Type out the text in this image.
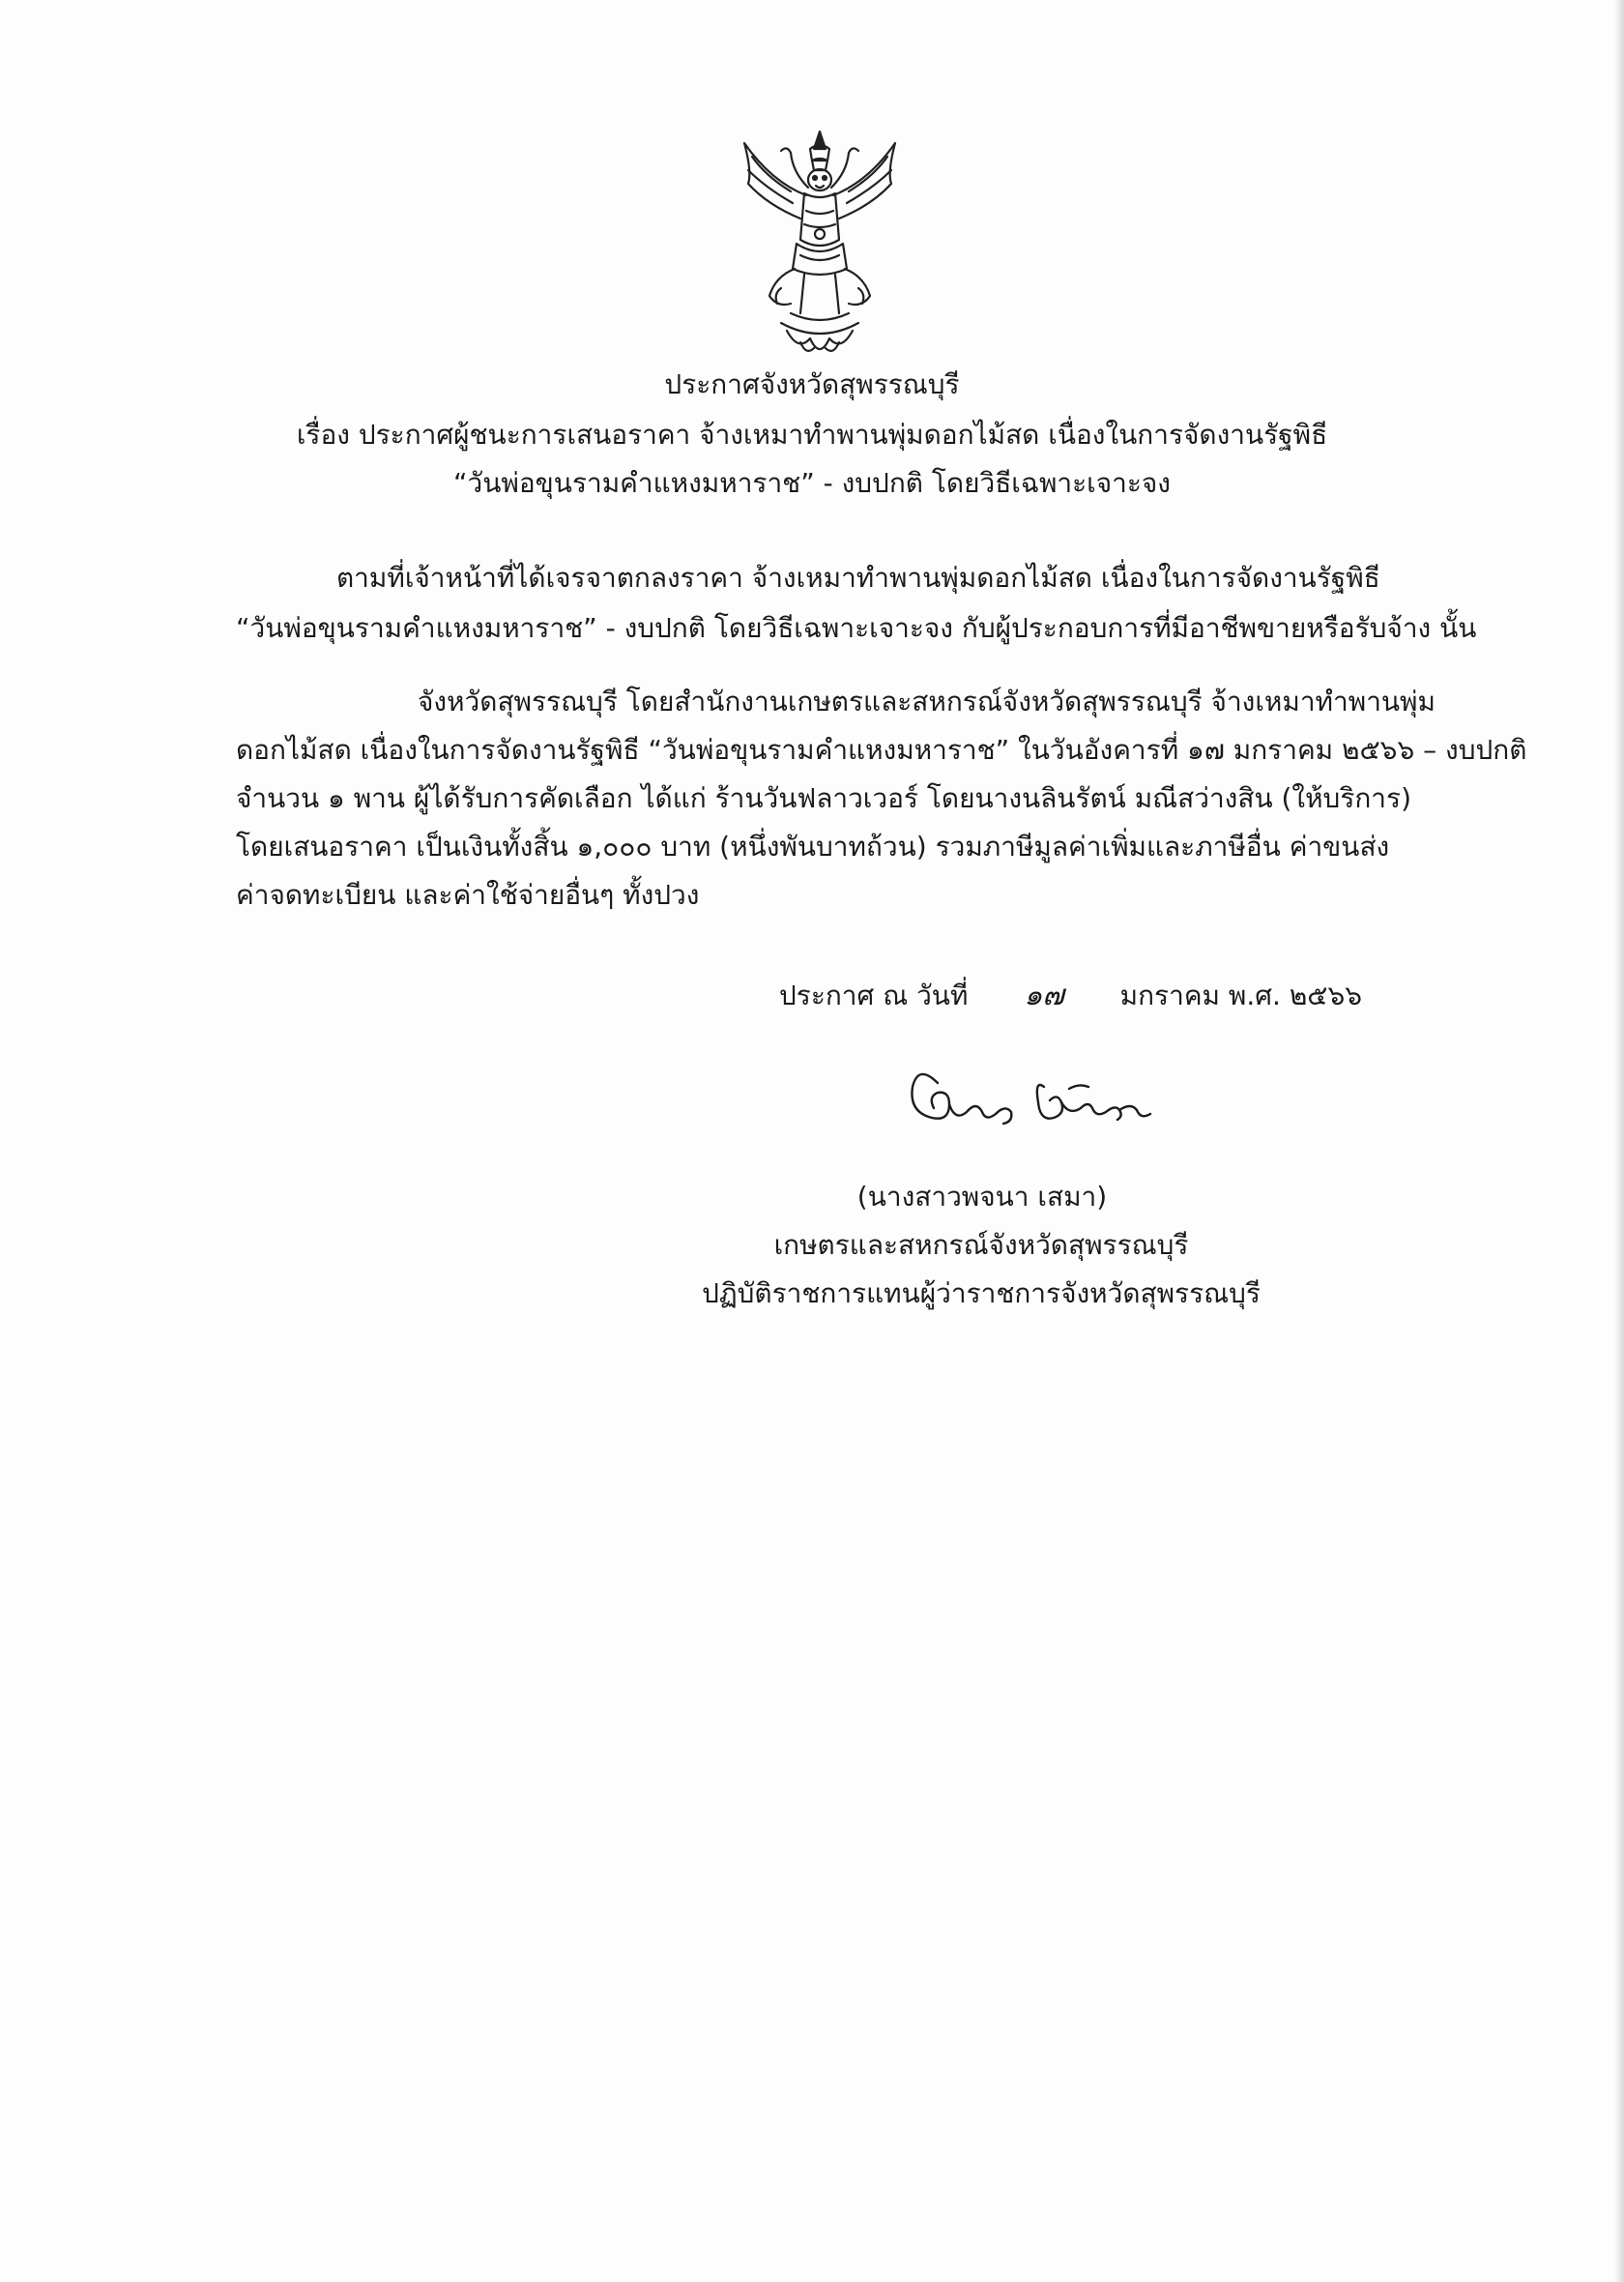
ประกาศจังหวัดสุพรรณบุรี
เรื่อง ประกาศผู้ชนะการเสนอราคา จ้างเหมาทำพานพุ่มดอกไม้สด เนื่องในการจัดงานรัฐพิธี
“วันพ่อขุนรามคำแหงมหาราช” - งบปกติ โดยวิธีเฉพาะเจาะจง
ตามที่เจ้าหน้าที่ได้เจรจาตกลงราคา จ้างเหมาทำพานพุ่มดอกไม้สด เนื่องในการจัดงานรัฐพิธี
“วันพ่อขุนรามคำแหงมหาราช” - งบปกติ โดยวิธีเฉพาะเจาะจง กับผู้ประกอบการที่มีอาชีพขายหรือรับจ้าง นั้น
จังหวัดสุพรรณบุรี โดยสำนักงานเกษตรและสหกรณ์จังหวัดสุพรรณบุรี จ้างเหมาทำพานพุ่ม
ดอกไม้สด เนื่องในการจัดงานรัฐพิธี “วันพ่อขุนรามคำแหงมหาราช” ในวันอังคารที่ ๑๗ มกราคม ๒๕๖๖ – งบปกติ
จำนวน ๑ พาน ผู้ได้รับการคัดเลือก ได้แก่ ร้านวันฟลาวเวอร์ โดยนางนลินรัตน์ มณีสว่างสิน (ให้บริการ)
โดยเสนอราคา เป็นเงินทั้งสิ้น ๑,๐๐๐ บาท (หนึ่งพันบาทถ้วน) รวมภาษีมูลค่าเพิ่มและภาษีอื่น ค่าขนส่ง
ค่าจดทะเบียน และค่าใช้จ่ายอื่นๆ ทั้งปวง
ประกาศ ณ วันที่ ๑๗ มกราคม พ.ศ. ๒๕๖๖
(นางสาวพจนา เสมา)
เกษตรและสหกรณ์จังหวัดสุพรรณบุรี
ปฏิบัติราชการแทนผู้ว่าราชการจังหวัดสุพรรณบุรี
